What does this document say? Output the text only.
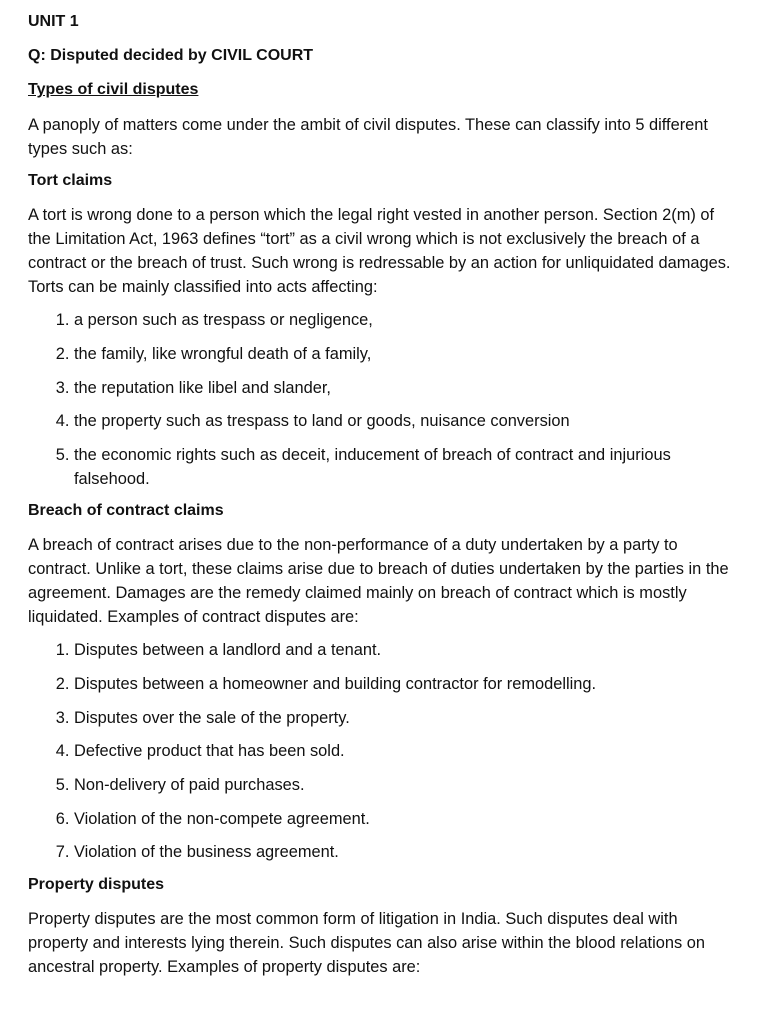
UNIT 1
Q: Disputed decided by CIVIL COURT
Types of civil disputes

A panoply of matters come under the ambit of civil disputes. These can classify into 5 different types such as:

Tort claims

A tort is wrong done to a person which the legal right vested in another person. Section 2(m) of the Limitation Act, 1963 defines “tort” as a civil wrong which is not exclusively the breach of a contract or the breach of trust. Such wrong is redressable by an action for unliquidated damages. Torts can be mainly classified into acts affecting:

1. a person such as trespass or negligence,
2. the family, like wrongful death of a family,
3. the reputation like libel and slander,
4. the property such as trespass to land or goods, nuisance conversion
5. the economic rights such as deceit, inducement of breach of contract and injurious falsehood.
Breach of contract claims

A breach of contract arises due to the non-performance of a duty undertaken by a party to contract. Unlike a tort, these claims arise due to breach of duties undertaken by the parties in the agreement. Damages are the remedy claimed mainly on breach of contract which is mostly liquidated. Examples of contract disputes are:

1. Disputes between a landlord and a tenant.
2. Disputes between a homeowner and building contractor for remodelling.
3. Disputes over the sale of the property.
4. Defective product that has been sold.
5. Non-delivery of paid purchases.
6. Violation of the non-compete agreement.
7. Violation of the business agreement.
Property disputes

Property disputes are the most common form of litigation in India. Such disputes deal with property and interests lying therein. Such disputes can also arise within the blood relations on ancestral property. Examples of property disputes are:
